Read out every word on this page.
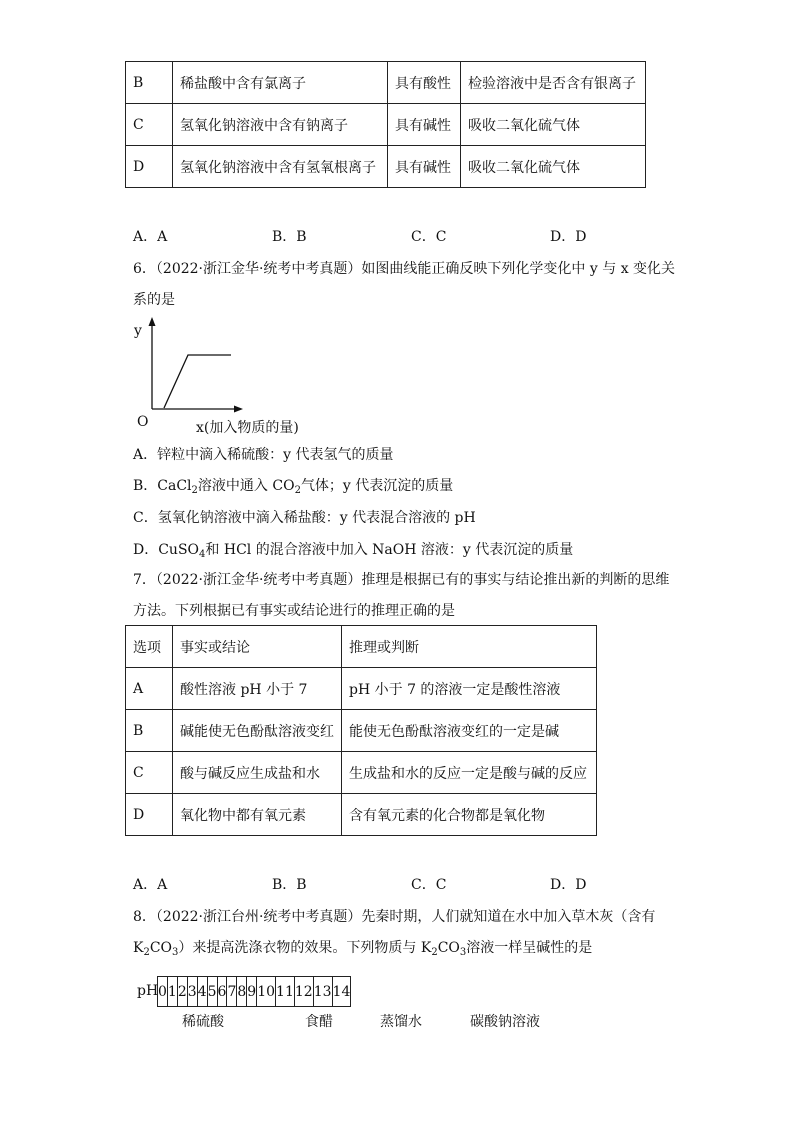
B	稀盐酸中含有氯离子	具有酸性	检验溶液中是否含有银离子
C	氢氧化钠溶液中含有钠离子	具有碱性	吸收二氧化硫气体
D	氢氧化钠溶液中含有氢氧根离子	具有碱性	吸收二氧化硫气体
A．A	B．B	C．C	D．D
6．（2022·浙江金华·统考中考真题）如图曲线能正确反映下列化学变化中 y 与 x 变化关
系的是
y
O	x(加入物质的量)
A．锌粒中滴入稀硫酸：y 代表氢气的质量
B．CaCl$_2$溶液中通入 $CO_2$气体；y 代表沉淀的质量
C．氢氧化钠溶液中滴入稀盐酸：y 代表混合溶液的 pH
D．CuSO$_4$和 HCl 的混合溶液中加入 NaOH 溶液：y 代表沉淀的质量
7．（2022·浙江金华·统考中考真题）推理是根据已有的事实与结论推出新的判断的思维
方法。下列根据已有事实或结论进行的推理正确的是
选项	事实或结论	推理或判断
A	酸性溶液 pH 小于 7	pH 小于 7 的溶液一定是酸性溶液
B	碱能使无色酚酞溶液变红	能使无色酚酞溶液变红的一定是碱
C	酸与碱反应生成盐和水	生成盐和水的反应一定是酸与碱的反应
D	氧化物中都有氧元素	含有氧元素的化合物都是氧化物
A．A	B．B	C．C	D．D
8．（2022·浙江台州·统考中考真题）先秦时期，人们就知道在水中加入草木灰（含有
$K_2CO_3$）来提高洗涤衣物的效果。下列物质与 $K_2CO_3$溶液一样呈碱性的是
pH 0	1	2	3	4	5	6	7	8	9	10	11	12	13	14
稀硫酸	食醋	蒸馏水	碳酸钠溶液
